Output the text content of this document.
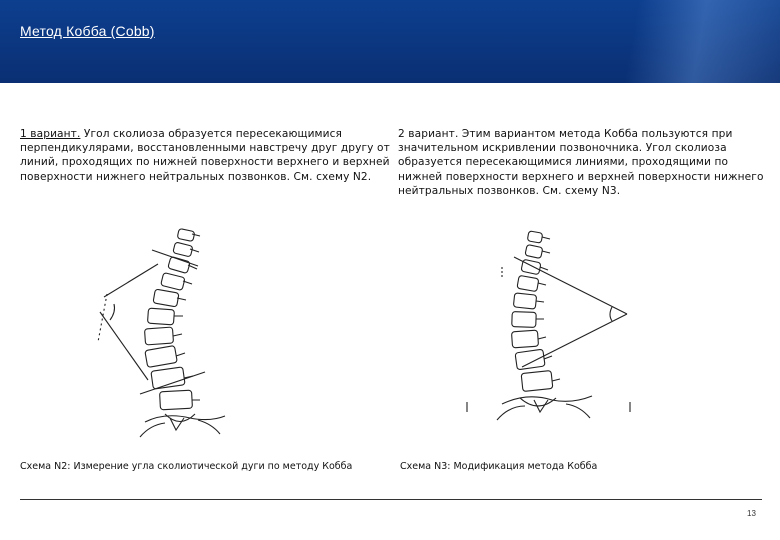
Метод Кобба (Cobb)
1 вариант. Угол сколиоза образуется пересекающимися перпендикулярами, восстановленными навстречу друг другу от линий, проходящих по нижней поверхности верхнего и верхней поверхности нижнего нейтральных позвонков. См. схему N2.
2 вариант. Этим вариантом метода Кобба пользуются при значительном искривлении позвоночника. Угол сколиоза образуется пересекающимися линиями, проходящими по нижней поверхности верхнего и верхней поверхности нижнего нейтральных позвонков. См. схему N3.
Схема N2: Измерение угла сколиотической дуги по методу Кобба	Схема N3: Модификация метода Кобба
13
